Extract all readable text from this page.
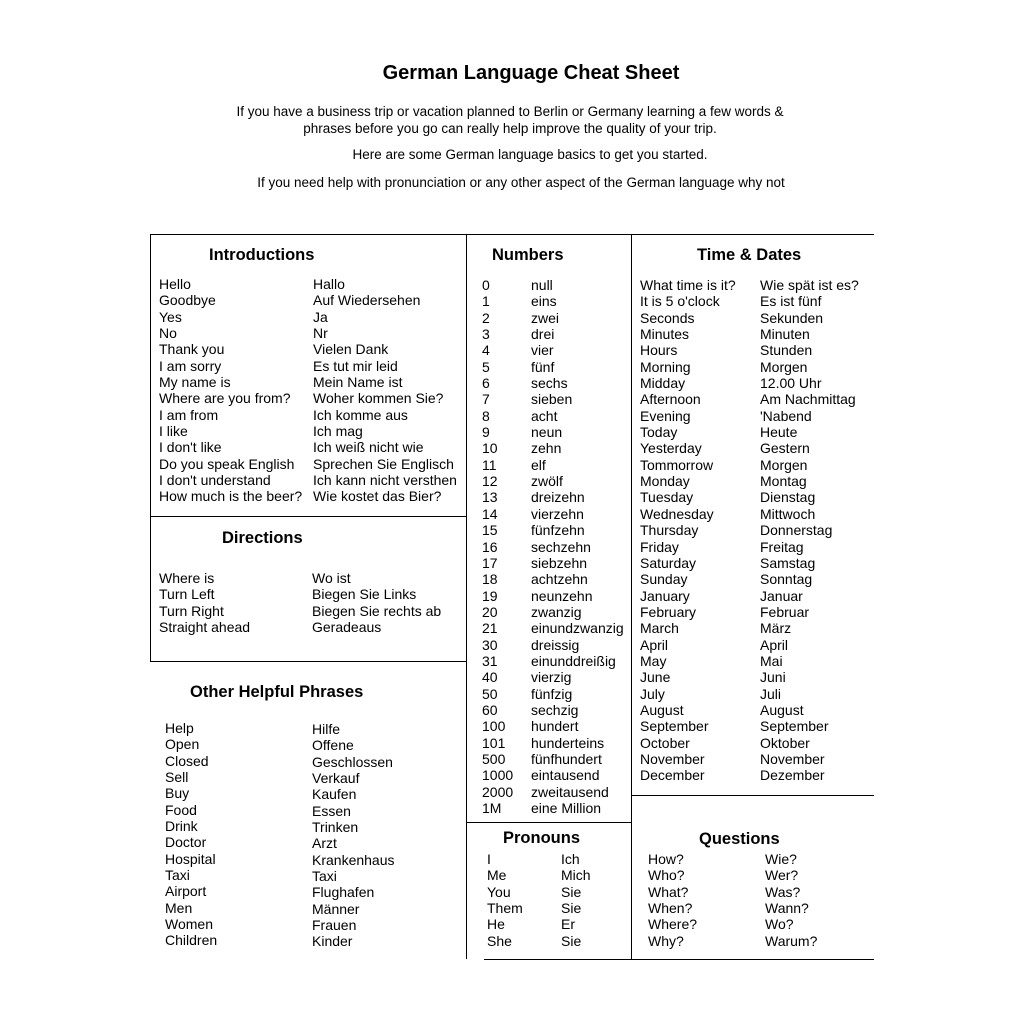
German Language Cheat Sheet
If you have a business trip or vacation planned to Berlin or Germany learning a few words &
phrases before you go can really help improve the quality of your trip.
Here are some German language basics to get you started.
If you need help with pronunciation or any other aspect of the German language why not
Introductions
Hello
Goodbye
Yes
No
Thank you
I am sorry
My name is
Where are you from?
I am from
I like
I don't like
Do you speak English
I don't understand
How much is the beer?
Hallo
Auf Wiedersehen
Ja
Nr
Vielen Dank
Es tut mir leid
Mein Name ist
Woher kommen Sie?
Ich komme aus
Ich mag
Ich weiß nicht wie
Sprechen Sie Englisch
Ich kann nicht versthen
Wie kostet das Bier?
Directions
Where is
Turn Left
Turn Right
Straight ahead
Wo ist
Biegen Sie Links
Biegen Sie rechts ab
Geradeaus
Other Helpful Phrases
Help
Open
Closed
Sell
Buy
Food
Drink
Doctor
Hospital
Taxi
Airport
Men
Women
Children
Hilfe
Offene
Geschlossen
Verkauf
Kaufen
Essen
Trinken
Arzt
Krankenhaus
Taxi
Flughafen
Männer
Frauen
Kinder
Numbers
0
1
2
3
4
5
6
7
8
9
10
11
12
13
14
15
16
17
18
19
20
21
30
31
40
50
60
100
101
500
1000
2000
1M
null
eins
zwei
drei
vier
fünf
sechs
sieben
acht
neun
zehn
elf
zwölf
dreizehn
vierzehn
fünfzehn
sechzehn
siebzehn
achtzehn
neunzehn
zwanzig
einundzwanzig
dreissig
einunddreißig
vierzig
fünfzig
sechzig
hundert
hunderteins
fünfhundert
eintausend
zweitausend
eine Million
Time & Dates
What time is it?
It is 5 o'clock
Seconds
Minutes
Hours
Morning
Midday
Afternoon
Evening
Today
Yesterday
Tommorrow
Monday
Tuesday
Wednesday
Thursday
Friday
Saturday
Sunday
January
February
March
April
May
June
July
August
September
October
November
December
Wie spät ist es?
Es ist fünf
Sekunden
Minuten
Stunden
Morgen
12.00 Uhr
Am Nachmittag
'Nabend
Heute
Gestern
Morgen
Montag
Dienstag
Mittwoch
Donnerstag
Freitag
Samstag
Sonntag
Januar
Februar
März
April
Mai
Juni
Juli
August
September
Oktober
November
Dezember
Pronouns
I
Me
You
Them
He
She
Ich
Mich
Sie
Sie
Er
Sie
Questions
How?
Who?
What?
When?
Where?
Why?
Wie?
Wer?
Was?
Wann?
Wo?
Warum?
